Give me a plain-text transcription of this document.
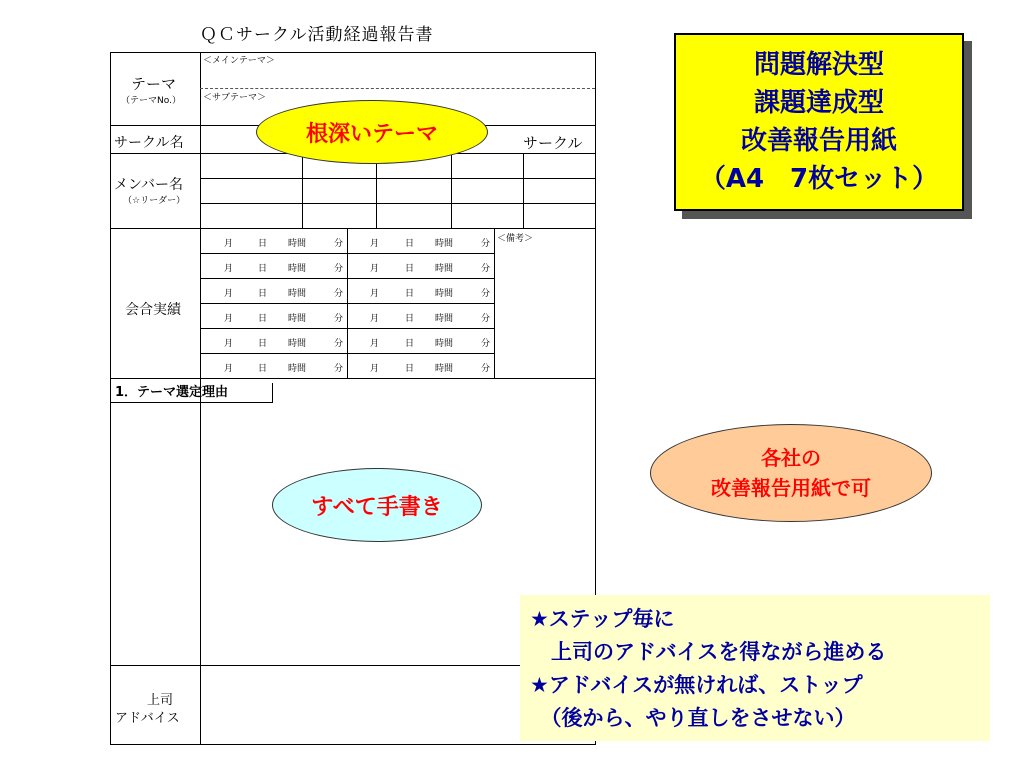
ＱＣサークル活動経過報告書
テーマ
（テーマNo.）
＜メインテーマ＞
＜サブテーマ＞
サークル名	サークル
メンバー名
（☆リーダー）
会合実績
＜備考＞
月	日 時間	分	月	日 時間	分
月	日 時間	分	月	日 時間	分
月	日 時間	分	月	日 時間	分
月	日 時間	分	月	日 時間	分
月	日 時間	分	月	日 時間	分
月	日 時間	分	月	日 時間	分
1．テーマ選定理由
上司
アドバイス
根深いテーマ
すべて手書き
各社の
改善報告用紙で可
問題解決型
課題達成型
改善報告用紙
（A4　7枚セット）
★ステップ毎に
　上司のアドバイスを得ながら進める
★アドバイスが無ければ、ストップ
　（後から、やり直しをさせない）
